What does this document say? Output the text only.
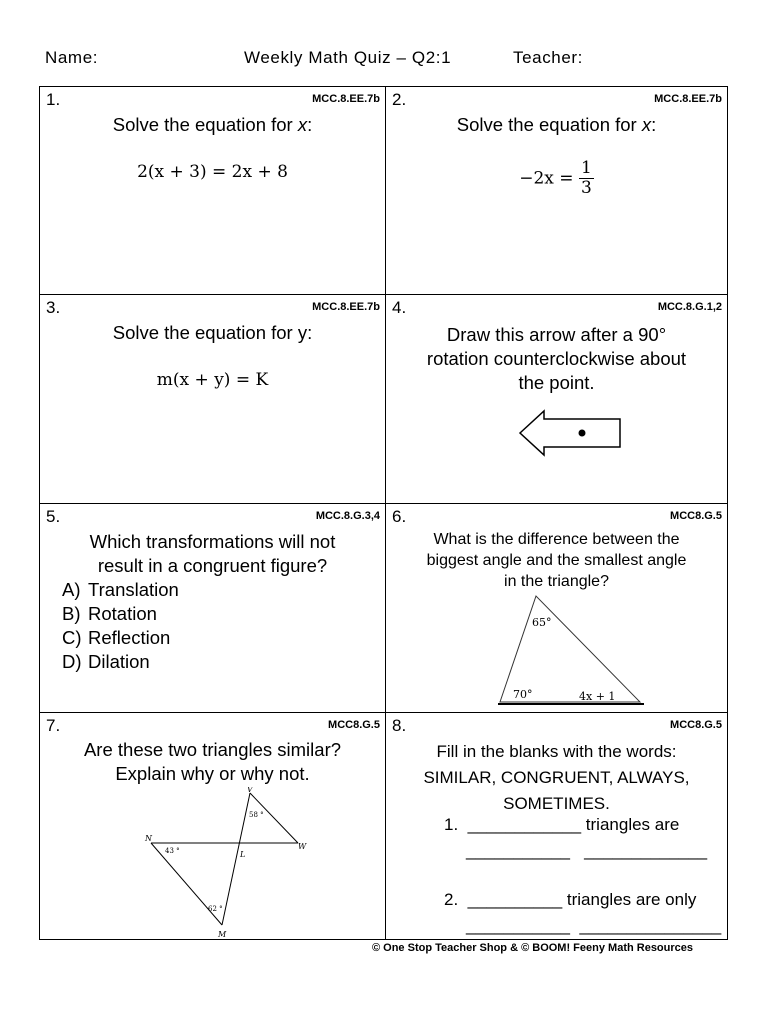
Name:	Weekly Math Quiz – Q2:1	Teacher:
1.	MCC.8.EE.7b
Solve the equation for x:
2(x + 3) = 2x + 8
2.	MCC.8.EE.7b
Solve the equation for x:
$-2x = \frac{1}{3}$
3.	MCC.8.EE.7b
Solve the equation for y:
m(x + y) = K
4.	MCC.8.G.1,2
Draw this arrow after a 90°
rotation counterclockwise about
the point.
5.	MCC.8.G.3,4
Which transformations will not
result in a congruent figure?
A) Translation
B) Rotation
C) Reflection
D) Dilation
6.	MCC8.G.5
What is the difference between the
biggest angle and the smallest angle
in the triangle?
65°
70°	4x + 1
7.	MCC8.G.5
Are these two triangles similar?
Explain why or why not.
V
N
L
W
M
58 °
43 °
62 °
8.	MCC8.G.5
Fill in the blanks with the words:
SIMILAR, CONGRUENT, ALWAYS,
SOMETIMES.
1.  ____________ triangles are
___________   _____________
2.  __________ triangles are only
___________  _______________
© One Stop Teacher Shop & © BOOM! Feeny Math Resources
